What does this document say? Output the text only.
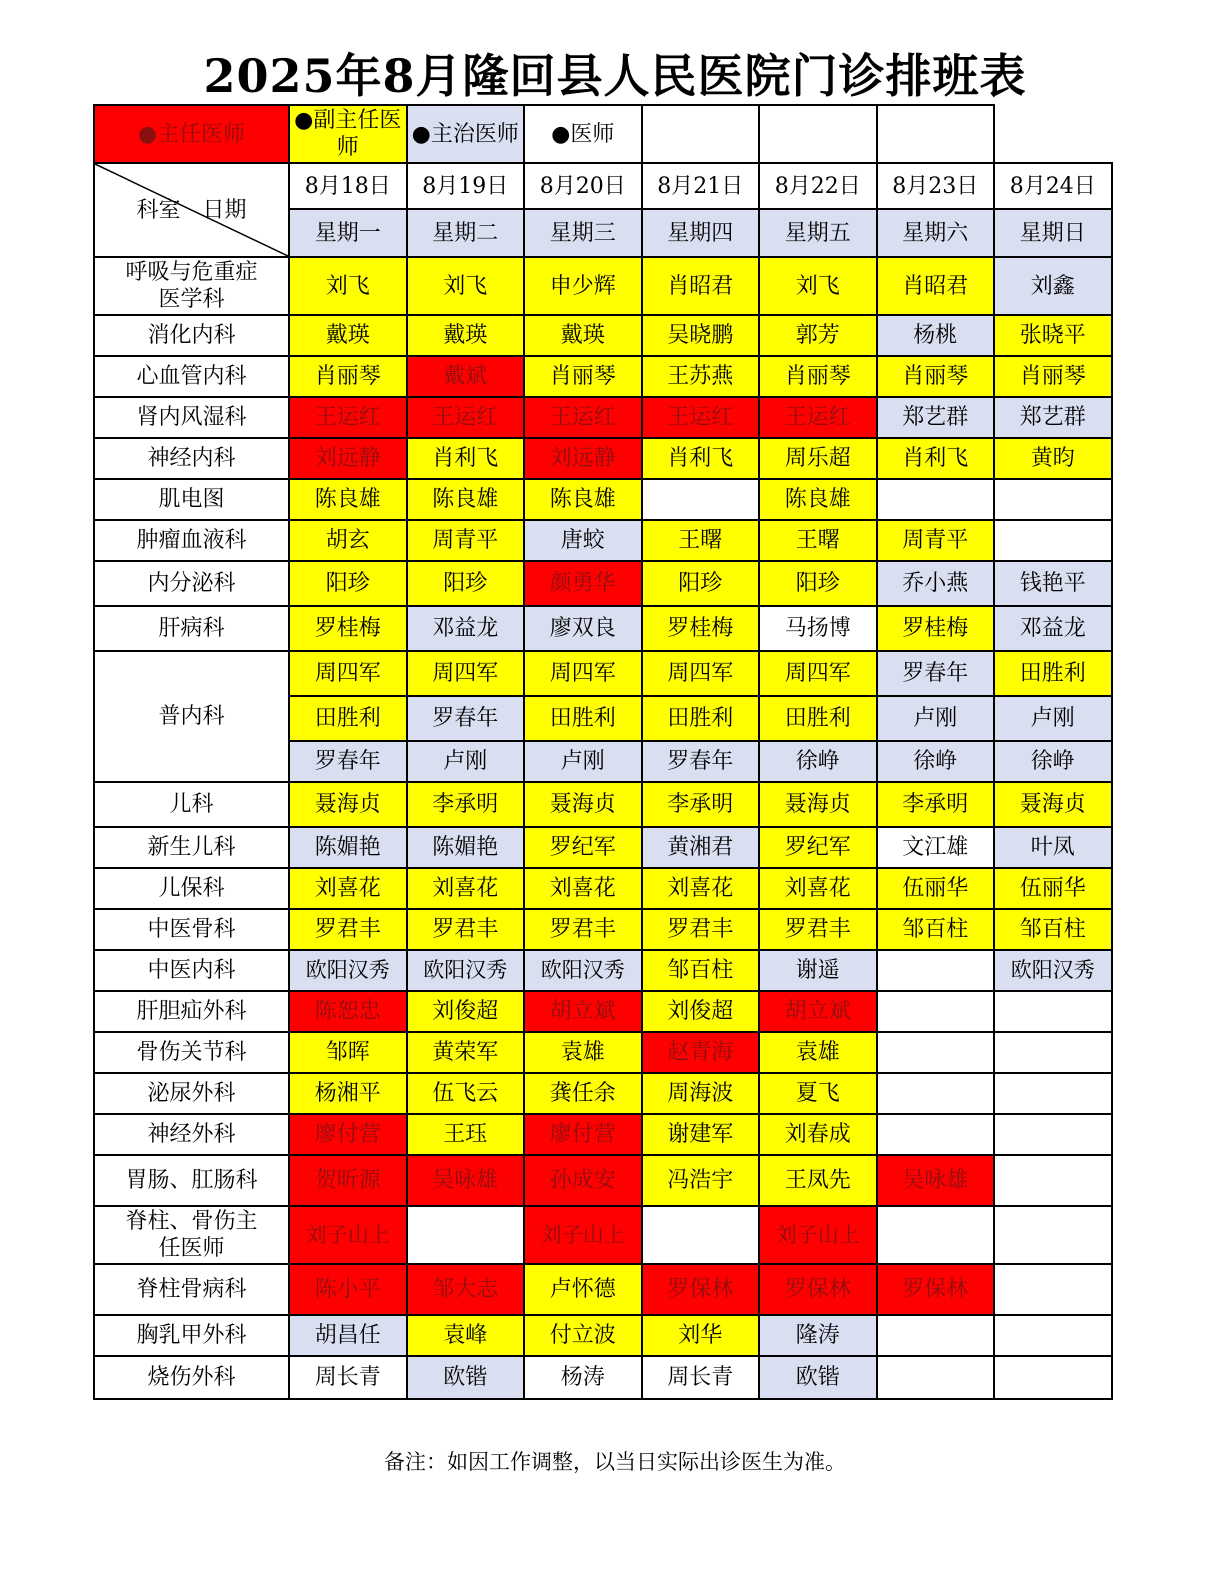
2025年8月隆回县人民医院门诊排班表
●主任医师	●副主任医师	●主治医师	●医师				

科室　日期	8月18日	8月19日	8月20日	8月21日	8月22日	8月23日	8月24日
	星期一	星期二	星期三	星期四	星期五	星期六	星期日
呼吸与危重症医学科	刘飞	刘飞	申少辉	肖昭君	刘飞	肖昭君	刘鑫
消化内科	戴瑛	戴瑛	戴瑛	吴晓鹏	郭芳	杨桃	张晓平
心血管内科	肖丽琴	戴斌	肖丽琴	王苏燕	肖丽琴	肖丽琴	肖丽琴
肾内风湿科	王运红	王运红	王运红	王运红	王运红	郑艺群	郑艺群
神经内科	刘远静	肖利飞	刘远静	肖利飞	周乐超	肖利飞	黄昀
肌电图	陈良雄	陈良雄	陈良雄		陈良雄		
肿瘤血液科	胡玄	周青平	唐蛟	王曙	王曙	周青平	
内分泌科	阳珍	阳珍	颜勇华	阳珍	阳珍	乔小燕	钱艳平
肝病科	罗桂梅	邓益龙	廖双良	罗桂梅	马扬博	罗桂梅	邓益龙
普内科	周四军	周四军	周四军	周四军	周四军	罗春年	田胜利
	田胜利	罗春年	田胜利	田胜利	田胜利	卢刚	卢刚
	罗春年	卢刚	卢刚	罗春年	徐峥	徐峥	徐峥
儿科	聂海贞	李承明	聂海贞	李承明	聂海贞	李承明	聂海贞
新生儿科	陈媚艳	陈媚艳	罗纪军	黄湘君	罗纪军	文江雄	叶凤
儿保科	刘喜花	刘喜花	刘喜花	刘喜花	刘喜花	伍丽华	伍丽华
中医骨科	罗君丰	罗君丰	罗君丰	罗君丰	罗君丰	邹百柱	邹百柱
中医内科	欧阳汉秀	欧阳汉秀	欧阳汉秀	邹百柱	谢遥		欧阳汉秀
肝胆疝外科	陈恕忠	刘俊超	胡立斌	刘俊超	胡立斌		
骨伤关节科	邹晖	黄荣军	袁雄	赵青海	袁雄		
泌尿外科	杨湘平	伍飞云	龚任余	周海波	夏飞		
神经外科	廖付营	王珏	廖付营	谢建军	刘春成		
胃肠、肛肠科	贺昕源	吴咏雄	孙成安	冯浩宇	王凤先	吴咏雄	
脊柱、骨伤主任医师	刘子山上		刘子山上		刘子山上		
脊柱骨病科	陈小平	邹大志	卢怀德	罗保林	罗保林	罗保林	
胸乳甲外科	胡昌任	袁峰	付立波	刘华	隆涛		
烧伤外科	周长青	欧锴	杨涛	周长青	欧锴		
备注：如因工作调整，以当日实际出诊医生为准。
